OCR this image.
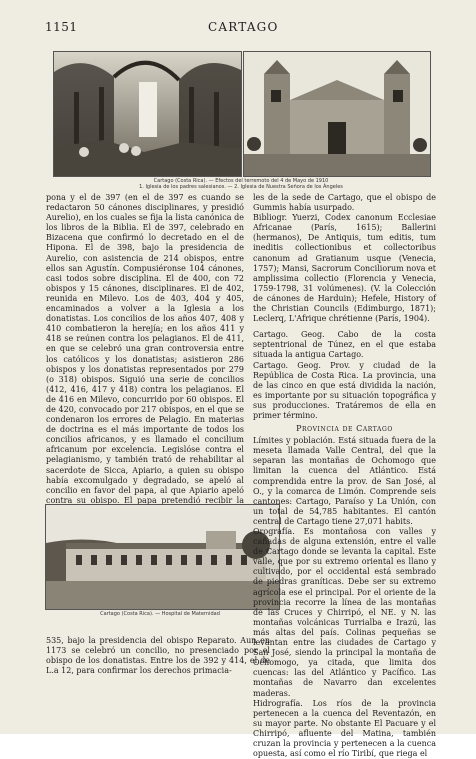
1151	CARTAGO
Cartago (Costa Rica). — Efectos del terremoto del 4 de Mayo de 1910
1. Iglesia de los padres salesianos. — 2. Iglesia de Nuestra Señora de los Ángeles

pona y el de 397 (en el de 397 es cuando se redactaron 50 cánones disciplinares, y presidió Aurelio), en los cuales se fija la lista canónica de los libros de la Biblia. El de 397, celebrado en Bizacena que confirmó lo decretado en el de Hipona. El de 398, bajo la presidencia de Aurelio, con asistencia de 214 obispos, entre ellos san Agustín. Compusiéronse 104 cánones, casi todos sobre disciplina. El de 400, con 72 obispos y 15 cánones, disciplinares. El de 402, reunida en Milevo. Los de 403, 404 y 405, encaminados a volver a la Iglesia a los donatistas. Los concilios de los años 407, 408 y 410 combatieron la herejía; en los años 411 y 418 se reúnen contra los pelagianos. El de 411, en que se celebró una gran controversia entre los católicos y los donatistas; asistieron 286 obispos y los donatistas representados por 279 (o 318) obispos. Siguió una serie de concilios (412, 416, 417 y 418) contra los pelagianos. El de 416 en Milevo, concurrido por 60 obispos. El de 420, convocado por 217 obispos, en el que se condenaron los errores de Pelagio. En materias de doctrina es el más importante de todos los concilios africanos, y es llamado el concilium africanum por excelencia. Legislóse contra el pelagianismo, y también trató de rehabilitar al sacerdote de Sicca, Apiario, a quien su obispo había excomulgado y degradado, se apeló al concilio en favor del papa, al que Apiario apeló contra su obispo. El papa pretendió recibir la

Cartago (Costa Rica). — Hospital de Maternidad

535, bajo la presidencia del obispo Reparato. Aun en 1173 se celebró un concilio, no presenciado por el obispo de los donatistas. Entre los de 392 y 414, el de L.a 12, para confirmar los derechos primacia-

les de la sede de Cartago, que el obispo de Gummis había usurpado.

Bibliogr. Yuerzi, Codex canonum Ecclesiae Africanae (París, 1615); Ballerini (hermanos), De Antiquis, tum editis, tum ineditis collectionibus et collectoribus canonum ad Gratianum usque (Venecia, 1757); Mansi, Sacrorum Conciliorum nova et amplissima collectio (Florencia y Venecia, 1759-1798, 31 volúmenes). (V. la Colección de cánones de Harduin); Hefele, History of the Christian Councils (Edimburgo, 1871); Leclerq, L'Afrique chrétienne (París, 1904).

Cartago. Geog. Cabo de la costa septentrional de Túnez, en el que estaba situada la antigua Cartago.

Cartago. Geog. Prov. y ciudad de la República de Costa Rica. La provincia, una de las cinco en que está dividida la nación, es importante por su situación topográfica y sus producciones. Tratáremos de ella en primer término.

Provincia de Cartago

Límites y población. Está situada fuera de la meseta llamada Valle Central, del que la separan las montañas de Ochomogo que limitan la cuenca del Atlántico. Está comprendida entre la prov. de San José, al O., y la comarca de Limón. Comprende seis cantones: Cartago, Paraíso y La Unión, con un total de 54,785 habitantes. El cantón central de Cartago tiene 27,071 habits.

Orografía. Es montañosa con valles y cañadas de alguna extensión, entre el valle de Cartago donde se levanta la capital. Este valle, que por su extremo oriental es llano y cultivado, por el occidental está sembrado de piedras graníticas. Debe ser su extremo agrícola ese el principal. Por el oriente de la provincia recorre la línea de las montañas de las Cruces y Chirripó, el NE. y N. las montañas volcánicas Turrialba e Irazú, las más altas del país. Colinas pequeñas se levantan entre las ciudades de Cartago y San José, siendo la principal la montaña de Ochomogo, ya citada, que limita dos cuencas: las del Atlántico y Pacífico. Las montañas de Navarro dan excelentes maderas.

Hidrografía. Los ríos de la provincia pertenecen a la cuenca del Reventazón, en su mayor parte. No obstante El Pacuare y el Chirripó, afluente del Matina, también cruzan la provincia y pertenecen a la cuenca opuesta, así como el río Tiribí, que riega el
